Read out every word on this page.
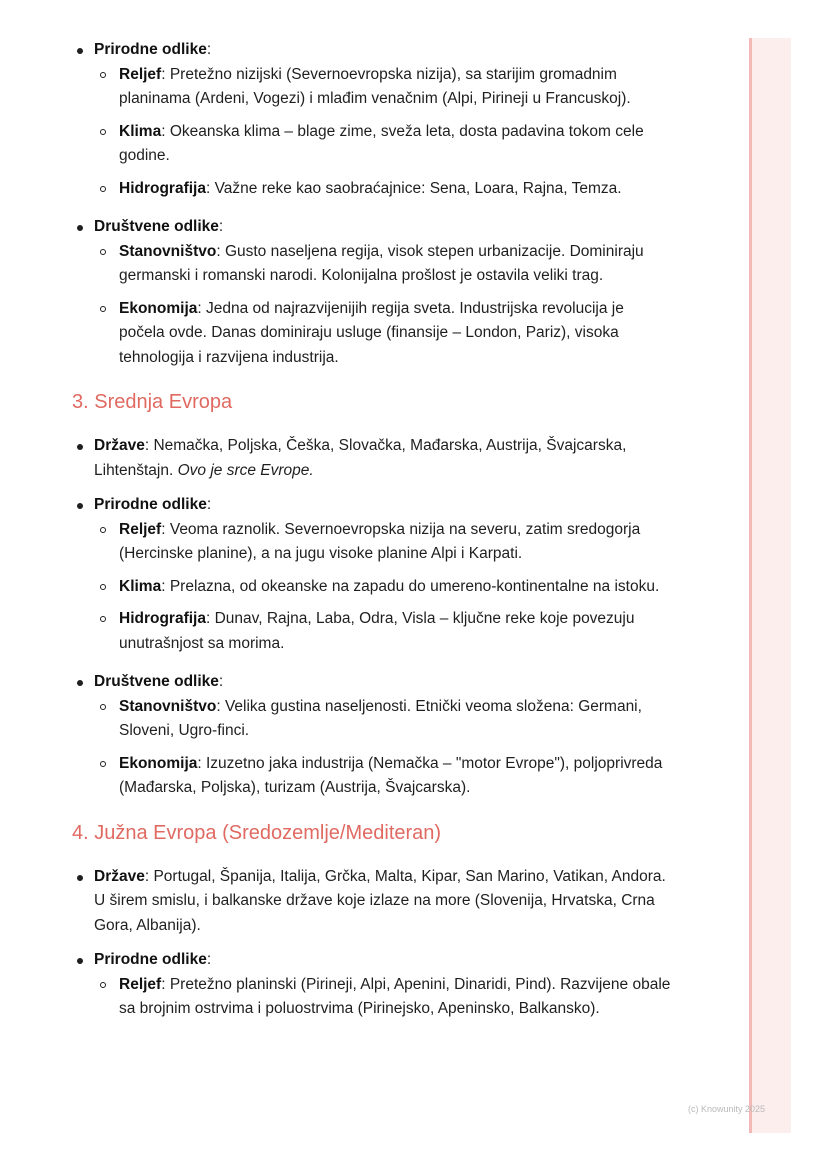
Prirodne odlike:
Reljef: Pretežno nizijski (Severnoevropska nizija), sa starijim gromadnim planinama (Ardeni, Vogezi) i mlađim venačnim (Alpi, Pirineji u Francuskoj).
Klima: Okeanska klima – blage zime, sveža leta, dosta padavina tokom cele godine.
Hidrografija: Važne reke kao saobraćajnice: Sena, Loara, Rajna, Temza.
Društvene odlike:
Stanovništvo: Gusto naseljena regija, visok stepen urbanizacije. Dominiraju germanski i romanski narodi. Kolonijalna prošlost je ostavila veliki trag.
Ekonomija: Jedna od najrazvijenijih regija sveta. Industrijska revolucija je počela ovde. Danas dominiraju usluge (finansije – London, Pariz), visoka tehnologija i razvijena industrija.
3. Srednja Evropa
Države: Nemačka, Poljska, Češka, Slovačka, Mađarska, Austrija, Švajcarska, Lihtenštajn. Ovo je srce Evrope.
Prirodne odlike:
Reljef: Veoma raznolik. Severnoevropska nizija na severu, zatim sredogorja (Hercinske planine), a na jugu visoke planine Alpi i Karpati.
Klima: Prelazna, od okeanske na zapadu do umereno-kontinentalne na istoku.
Hidrografija: Dunav, Rajna, Laba, Odra, Visla – ključne reke koje povezuju unutrašnjost sa morima.
Društvene odlike:
Stanovništvo: Velika gustina naseljenosti. Etnički veoma složena: Germani, Sloveni, Ugro-finci.
Ekonomija: Izuzetno jaka industrija (Nemačka – "motor Evrope"), poljoprivreda (Mađarska, Poljska), turizam (Austrija, Švajcarska).
4. Južna Evropa (Sredozemlje/Mediteran)
Države: Portugal, Španija, Italija, Grčka, Malta, Kipar, San Marino, Vatikan, Andora. U širem smislu, i balkanske države koje izlaze na more (Slovenija, Hrvatska, Crna Gora, Albanija).
Prirodne odlike:
Reljef: Pretežno planinski (Pirineji, Alpi, Apenini, Dinaridi, Pind). Razvijene obale sa brojnim ostrvima i poluostrvima (Pirinejsko, Apeninsko, Balkansko).
(c) Knowunity 2025
